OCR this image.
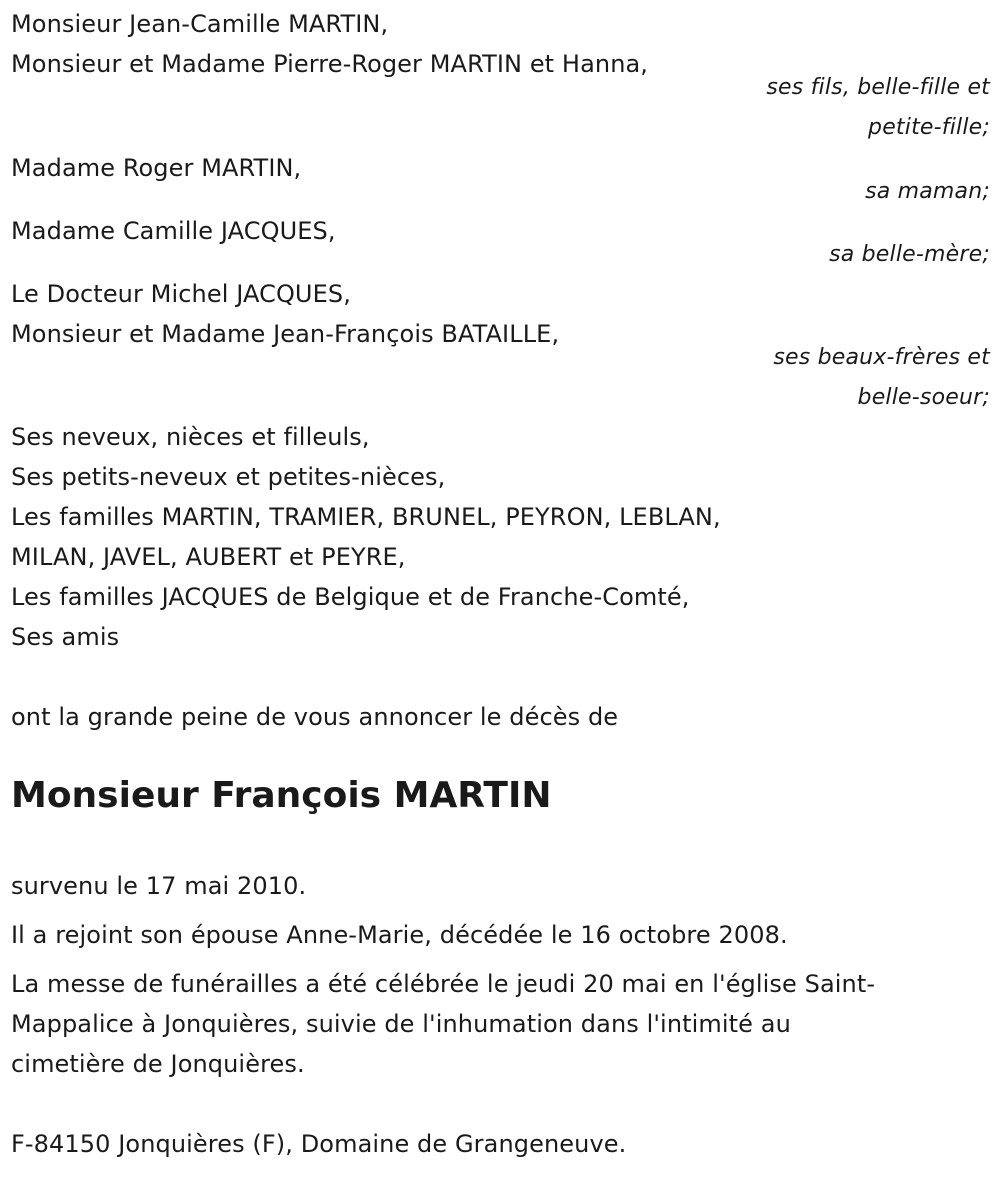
Monsieur Jean-Camille MARTIN,
Monsieur et Madame Pierre-Roger MARTIN et Hanna,
ses fils, belle-fille et
petite-fille;
Madame Roger MARTIN,
sa maman;
Madame Camille JACQUES,
sa belle-mère;
Le Docteur Michel JACQUES,
Monsieur et Madame Jean-François BATAILLE,
ses beaux-frères et
belle-soeur;
Ses neveux, nièces et filleuls,
Ses petits-neveux et petites-nièces,
Les familles MARTIN, TRAMIER, BRUNEL, PEYRON, LEBLAN,
MILAN, JAVEL, AUBERT et PEYRE,
Les familles JACQUES de Belgique et de Franche-Comté,
Ses amis
ont la grande peine de vous annoncer le décès de
Monsieur François MARTIN
survenu le 17 mai 2010.
Il a rejoint son épouse Anne-Marie, décédée le 16 octobre 2008.
La messe de funérailles a été célébrée le jeudi 20 mai en l'église Saint-
Mappalice à Jonquières, suivie de l'inhumation dans l'intimité au
cimetière de Jonquières.
F-84150 Jonquières (F), Domaine de Grangeneuve.
